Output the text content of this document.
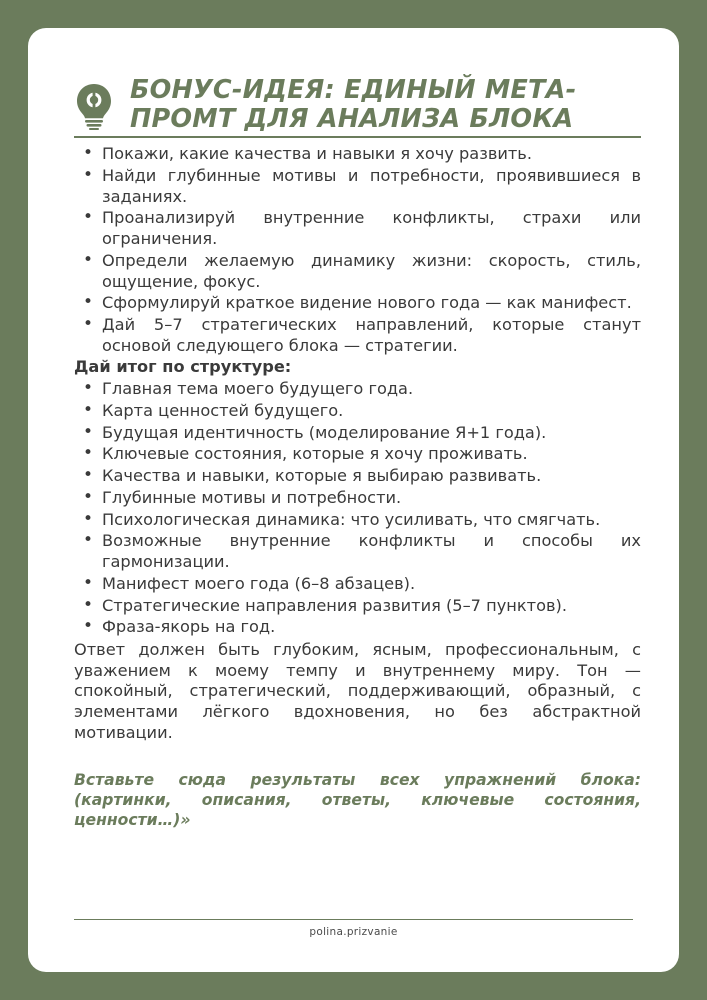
БОНУС-ИДЕЯ: ЕДИНЫЙ МЕТА-ПРОМТ ДЛЯ АНАЛИЗА БЛОКА
• Покажи, какие качества и навыки я хочу развить.
• Найди глубинные мотивы и потребности, проявившиеся в заданиях.
• Проанализируй внутренние конфликты, страхи или ограничения.
• Определи желаемую динамику жизни: скорость, стиль, ощущение, фокус.
• Сформулируй краткое видение нового года — как манифест.
• Дай 5–7 стратегических направлений, которые станут основой следующего блока — стратегии.
Дай итог по структуре:
• Главная тема моего будущего года.
• Карта ценностей будущего.
• Будущая идентичность (моделирование Я+1 года).
• Ключевые состояния, которые я хочу проживать.
• Качества и навыки, которые я выбираю развивать.
• Глубинные мотивы и потребности.
• Психологическая динамика: что усиливать, что смягчать.
• Возможные внутренние конфликты и способы их гармонизации.
• Манифест моего года (6–8 абзацев).
• Стратегические направления развития (5–7 пунктов).
• Фраза-якорь на год.

Ответ должен быть глубоким, ясным, профессиональным, с уважением к моему темпу и внутреннему миру. Тон — спокойный, стратегический, поддерживающий, образный, с элементами лёгкого вдохновения, но без абстрактной мотивации.

Вставьте сюда результаты всех упражнений блока: (картинки, описания, ответы, ключевые состояния, ценности…)»

polina.prizvanie
